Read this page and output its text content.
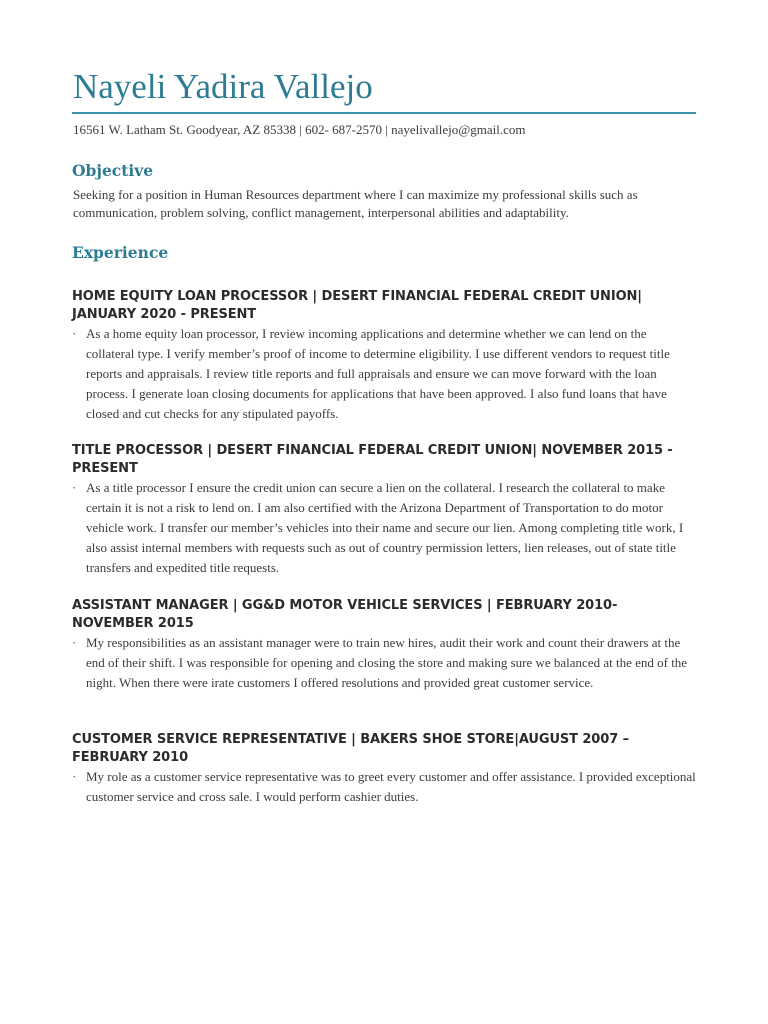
Nayeli Yadira Vallejo
16561 W. Latham St. Goodyear, AZ 85338 | 602- 687-2570 | nayelivallejo@gmail.com
Objective
Seeking for a position in Human Resources department where I can maximize my professional skills such as communication, problem solving, conflict management, interpersonal abilities and adaptability.
Experience
HOME EQUITY LOAN PROCESSOR | DESERT FINANCIAL FEDERAL CREDIT UNION| JANUARY 2020 - PRESENT
· As a home equity loan processor, I review incoming applications and determine whether we can lend on the collateral type. I verify member’s proof of income to determine eligibility. I use different vendors to request title reports and appraisals. I review title reports and full appraisals and ensure we can move forward with the loan process. I generate loan closing documents for applications that have been approved. I also fund loans that have closed and cut checks for any stipulated payoffs.
TITLE PROCESSOR | DESERT FINANCIAL FEDERAL CREDIT UNION| NOVEMBER 2015 - PRESENT
· As a title processor I ensure the credit union can secure a lien on the collateral. I research the collateral to make certain it is not a risk to lend on. I am also certified with the Arizona Department of Transportation to do motor vehicle work. I transfer our member’s vehicles into their name and secure our lien. Among completing title work, I also assist internal members with requests such as out of country permission letters, lien releases, out of state title transfers and expedited title requests.
ASSISTANT MANAGER | GG&D MOTOR VEHICLE SERVICES | FEBRUARY 2010-NOVEMBER 2015
· My responsibilities as an assistant manager were to train new hires, audit their work and count their drawers at the end of their shift. I was responsible for opening and closing the store and making sure we balanced at the end of the night. When there were irate customers I offered resolutions and provided great customer service.
CUSTOMER SERVICE REPRESENTATIVE | BAKERS SHOE STORE|AUGUST 2007 – FEBRUARY 2010
· My role as a customer service representative was to greet every customer and offer assistance. I provided exceptional customer service and cross sale. I would perform cashier duties.
